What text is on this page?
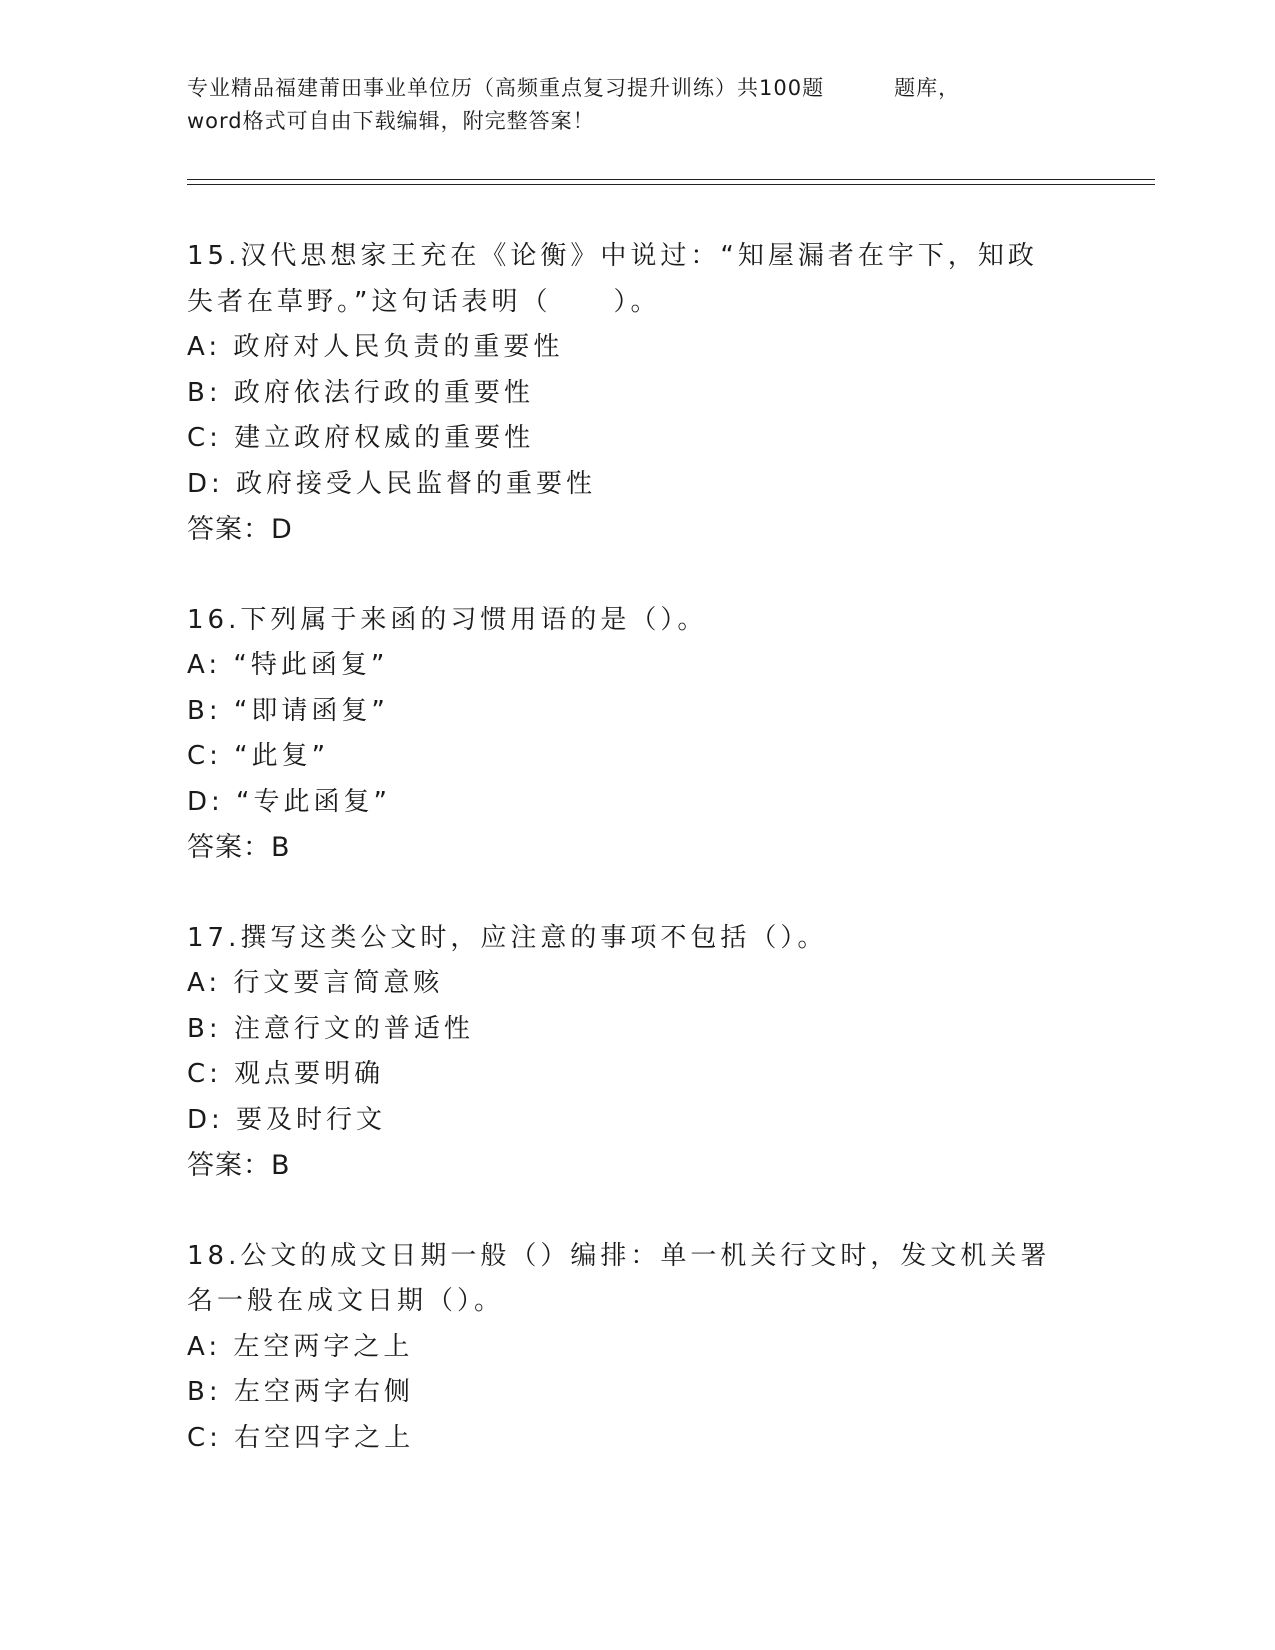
专业精品福建莆田事业单位历（高频重点复习提升训练）共100题	题库，
word格式可自由下载编辑，附完整答案！

15.汉代思想家王充在《论衡》中说过：“知屋漏者在宇下，知政失者在草野。”这句话表明（ ）。

A: 政府对人民负责的重要性

B: 政府依法行政的重要性

C: 建立政府权威的重要性

D: 政府接受人民监督的重要性

答案：D

16.下列属于来函的习惯用语的是（）。

A: “特此函复”

B: “即请函复”

C: “此复”

D: “专此函复”

答案：B

17.撰写这类公文时，应注意的事项不包括（）。

A: 行文要言简意赅

B: 注意行文的普适性

C: 观点要明确

D: 要及时行文

答案：B

18.公文的成文日期一般（）编排：单一机关行文时，发文机关署名一般在成文日期（）。

A: 左空两字之上

B: 左空两字右侧

C: 右空四字之上
